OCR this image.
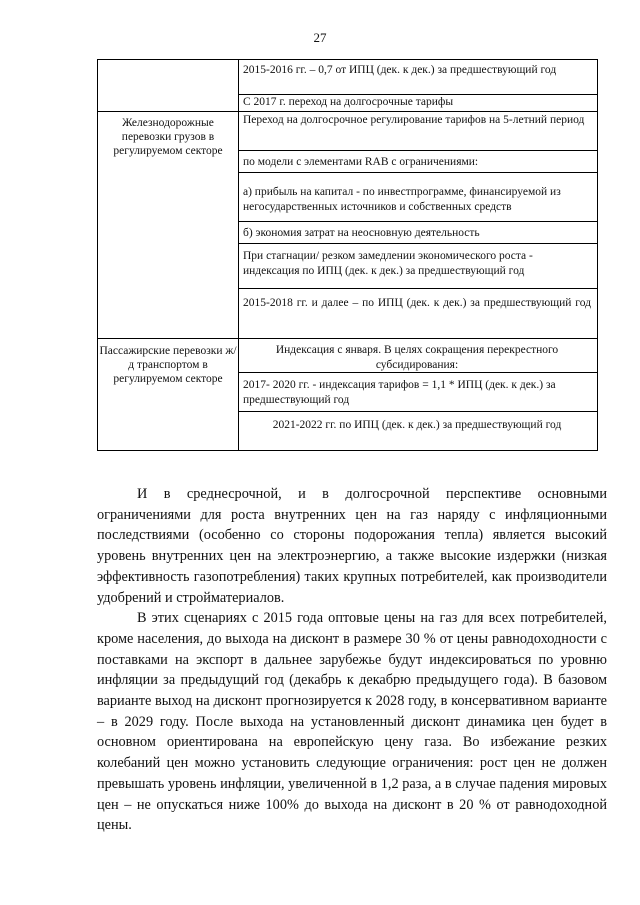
27
Железнодорожные перевозки грузов в регулируемом секторе
Пассажирские перевозки ж/д транспортом в регулируемом секторе
2015-2016 гг. – 0,7 от ИПЦ (дек. к дек.) за предшествующий год
С 2017 г. переход на долгосрочные тарифы
Переход на долгосрочное регулирование тарифов на 5-летний период
по модели с элементами RAB с ограничениями:
а) прибыль на капитал - по инвестпрограмме, финансируемой из негосударственных источников и собственных средств
б) экономия затрат на неосновную деятельность
При стагнации/ резком замедлении экономического роста - индексация по ИПЦ (дек. к дек.) за предшествующий год
2015-2018 гг. и далее – по ИПЦ (дек. к дек.) за предшествующий год
Индексация с января. В целях сокращения перекрестного субсидирования:
2017- 2020 гг. - индексация тарифов = 1,1 * ИПЦ (дек. к дек.) за предшествующий год
2021-2022 гг. по ИПЦ (дек. к дек.) за предшествующий год

И в среднесрочной, и в долгосрочной перспективе основными ограничениями для роста внутренних цен на газ наряду с инфляционными последствиями (особенно со стороны подорожания тепла) является высокий уровень внутренних цен на электроэнергию, а также высокие издержки (низкая эффективность газопотребления) таких крупных потребителей, как производители удобрений и стройматериалов.

В этих сценариях с 2015 года оптовые цены на газ для всех потребителей, кроме населения, до выхода на дисконт в размере 30 % от цены равнодоходности с поставками на экспорт в дальнее зарубежье будут индексироваться по уровню инфляции за предыдущий год (декабрь к декабрю предыдущего года). В базовом варианте выход на дисконт прогнозируется к 2028 году, в консервативном варианте – в 2029 году. После выхода на установленный дисконт динамика цен будет в основном ориентирована на европейскую цену газа. Во избежание резких колебаний цен можно установить следующие ограничения: рост цен не должен превышать уровень инфляции, увеличенной в 1,2 раза, а в случае падения мировых цен – не опускаться ниже 100% до выхода на дисконт в 20 % от равнодоходной цены.
